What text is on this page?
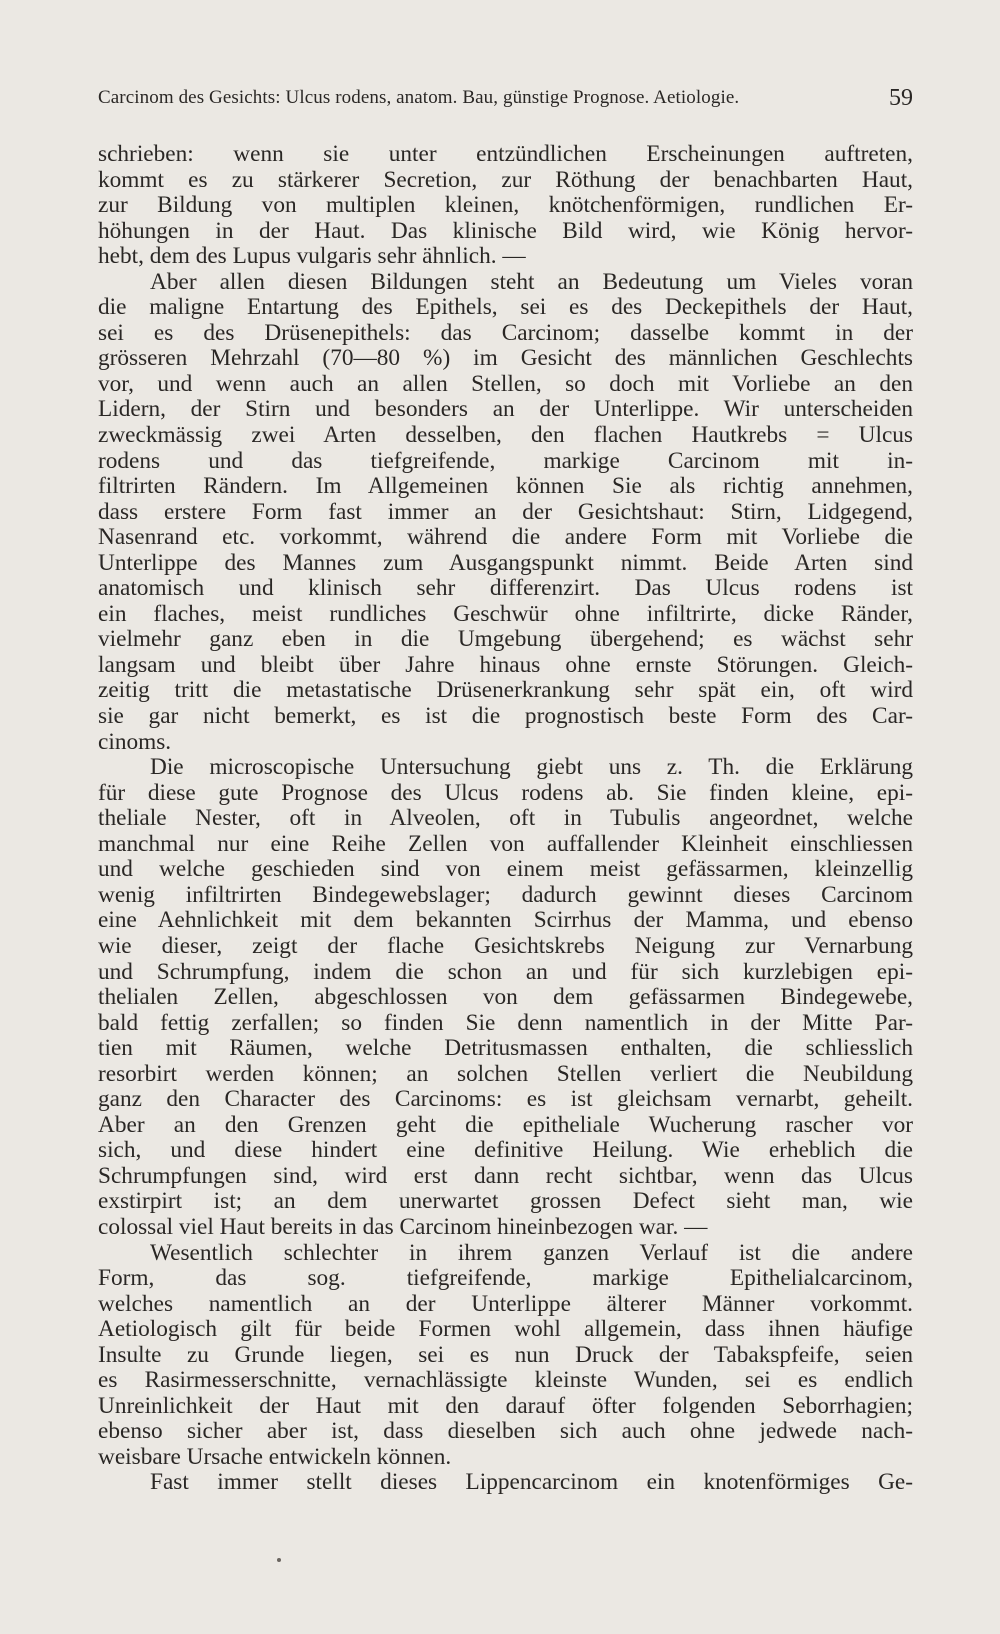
Carcinom des Gesichts: Ulcus rodens, anatom. Bau, günstige Prognose. Aetiologie.	59
schrieben: wenn sie unter entzündlichen Erscheinungen auftreten,
kommt es zu stärkerer Secretion, zur Röthung der benachbarten Haut,
zur Bildung von multiplen kleinen, knötchenförmigen, rundlichen Er-
höhungen in der Haut. Das klinische Bild wird, wie König hervor-
hebt, dem des Lupus vulgaris sehr ähnlich. —
Aber allen diesen Bildungen steht an Bedeutung um Vieles voran
die maligne Entartung des Epithels, sei es des Deckepithels der Haut,
sei es des Drüsenepithels: das Carcinom; dasselbe kommt in der
grösseren Mehrzahl (70—80 %) im Gesicht des männlichen Geschlechts
vor, und wenn auch an allen Stellen, so doch mit Vorliebe an den
Lidern, der Stirn und besonders an der Unterlippe. Wir unterscheiden
zweckmässig zwei Arten desselben, den flachen Hautkrebs = Ulcus
rodens und das tiefgreifende, markige Carcinom mit in-
filtrirten Rändern. Im Allgemeinen können Sie als richtig annehmen,
dass erstere Form fast immer an der Gesichtshaut: Stirn, Lidgegend,
Nasenrand etc. vorkommt, während die andere Form mit Vorliebe die
Unterlippe des Mannes zum Ausgangspunkt nimmt. Beide Arten sind
anatomisch und klinisch sehr differenzirt. Das Ulcus rodens ist
ein flaches, meist rundliches Geschwür ohne infiltrirte, dicke Ränder,
vielmehr ganz eben in die Umgebung übergehend; es wächst sehr
langsam und bleibt über Jahre hinaus ohne ernste Störungen. Gleich-
zeitig tritt die metastatische Drüsenerkrankung sehr spät ein, oft wird
sie gar nicht bemerkt, es ist die prognostisch beste Form des Car-
cinoms.
Die microscopische Untersuchung giebt uns z. Th. die Erklärung
für diese gute Prognose des Ulcus rodens ab. Sie finden kleine, epi-
theliale Nester, oft in Alveolen, oft in Tubulis angeordnet, welche
manchmal nur eine Reihe Zellen von auffallender Kleinheit einschliessen
und welche geschieden sind von einem meist gefässarmen, kleinzellig
wenig infiltrirten Bindegewebslager; dadurch gewinnt dieses Carcinom
eine Aehnlichkeit mit dem bekannten Scirrhus der Mamma, und ebenso
wie dieser, zeigt der flache Gesichtskrebs Neigung zur Vernarbung
und Schrumpfung, indem die schon an und für sich kurzlebigen epi-
thelialen Zellen, abgeschlossen von dem gefässarmen Bindegewebe,
bald fettig zerfallen; so finden Sie denn namentlich in der Mitte Par-
tien mit Räumen, welche Detritusmassen enthalten, die schliesslich
resorbirt werden können; an solchen Stellen verliert die Neubildung
ganz den Character des Carcinoms: es ist gleichsam vernarbt, geheilt.
Aber an den Grenzen geht die epitheliale Wucherung rascher vor
sich, und diese hindert eine definitive Heilung. Wie erheblich die
Schrumpfungen sind, wird erst dann recht sichtbar, wenn das Ulcus
exstirpirt ist; an dem unerwartet grossen Defect sieht man, wie
colossal viel Haut bereits in das Carcinom hineinbezogen war. —
Wesentlich schlechter in ihrem ganzen Verlauf ist die andere
Form, das sog. tiefgreifende, markige Epithelialcarcinom,
welches namentlich an der Unterlippe älterer Männer vorkommt.
Aetiologisch gilt für beide Formen wohl allgemein, dass ihnen häufige
Insulte zu Grunde liegen, sei es nun Druck der Tabakspfeife, seien
es Rasirmesserschnitte, vernachlässigte kleinste Wunden, sei es endlich
Unreinlichkeit der Haut mit den darauf öfter folgenden Seborrhagien;
ebenso sicher aber ist, dass dieselben sich auch ohne jedwede nach-
weisbare Ursache entwickeln können.
Fast immer stellt dieses Lippencarcinom ein knotenförmiges Ge-
